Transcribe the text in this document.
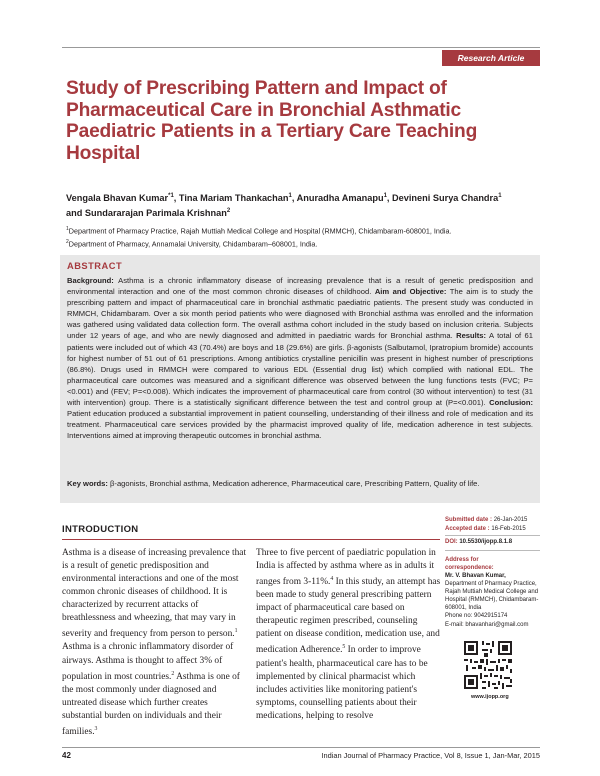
Research Article
Study of Prescribing Pattern and Impact of Pharmaceutical Care in Bronchial Asthmatic Paediatric Patients in a Tertiary Care Teaching Hospital
Vengala Bhavan Kumar$^{*1}$, Tina Mariam Thankachan$^1$, Anuradha Amanapu$^1$, Devineni Surya Chandra$^1$
and Sundararajan Parimala Krishnan$^2$
$^1$Department of Pharmacy Practice, Rajah Muttiah Medical College and Hospital (RMMCH), Chidambaram-608001, India.
$^2$Department of Pharmacy, Annamalai University, Chidambaram–608001, India.
ABSTRACT
Background: Asthma is a chronic inflammatory disease of increasing prevalence that is a result of genetic predisposition and environmental interaction and one of the most common chronic diseases of childhood. Aim and Objective: The aim is to study the prescribing pattern and impact of pharmaceutical care in bronchial asthmatic paediatric patients. The present study was conducted in RMMCH, Chidambaram. Over a six month period patients who were diagnosed with Bronchial asthma was enrolled and the information was gathered using validated data collection form. The overall asthma cohort included in the study based on inclusion criteria. Subjects under 12 years of age, and who are newly diagnosed and admitted in paediatric wards for Bronchial asthma. Results: A total of 61 patients were included out of which 43 (70.4%) are boys and 18 (29.6%) are girls. β-agonists (Salbutamol, Ipratropium bromide) accounts for highest number of 51 out of 61 prescriptions. Among antibiotics crystalline penicillin was present in highest number of prescriptions (86.8%). Drugs used in RMMCH were compared to various EDL (Essential drug list) which complied with national EDL. The pharmaceutical care outcomes was measured and a significant difference was observed between the lung functions tests (FVC; P=<0.001) and (FEV; P=<0.008). Which indicates the improvement of pharmaceutical care from control (30 without intervention) to test (31 with intervention) group. There is a statistically significant difference between the test and control group at (P=<0.001). Conclusion: Patient education produced a substantial improvement in patient counselling, understanding of their illness and role of medication and its treatment. Pharmaceutical care services provided by the pharmacist improved quality of life, medication adherence in test subjects. Interventions aimed at improving therapeutic outcomes in bronchial asthma.
Key words: β-agonists, Bronchial asthma, Medication adherence, Pharmaceutical care, Prescribing Pattern, Quality of life.
INTRODUCTION
Asthma is a disease of increasing prevalence that is a result of genetic predisposition and environmental interactions and one of the most common chronic diseases of childhood. It is characterized by recurrent attacks of breathlessness and wheezing, that may vary in severity and frequency from person to person.$^1$ Asthma is a chronic inflammatory disorder of airways. Asthma is thought to affect 3% of population in most countries.$^2$ Asthma is one of the most commonly under diagnosed and untreated disease which further creates substantial burden on individuals and their families.$^3$
Three to five percent of paediatric population in India is affected by asthma where as in adults it ranges from 3-11%.$^4$ In this study, an attempt has been made to study general prescribing pattern impact of pharmaceutical care based on therapeutic regimen prescribed, counseling patient on disease condition, medication use, and medication Adherence.$^5$ In order to improve patient's health, pharmaceutical care has to be implemented by clinical pharmacist which includes activities like monitoring patient's symptoms, counselling patients about their medications, helping to resolve
Submitted date : 26-Jan-2015
Accepted date : 16-Feb-2015
DOI: 10.5530/ijopp.8.1.8
Address for
correspondence:
Mr. V. Bhavan Kumar,
Department of Pharmacy Practice, Rajah Muttiah Medical College and Hospital (RMMCH), Chidambaram-608001, India
Phone no: 9042915174
E-mail: bhavanhari@gmail.com
www.ijopp.org
42	Indian Journal of Pharmacy Practice, Vol 8, Issue 1, Jan-Mar, 2015
